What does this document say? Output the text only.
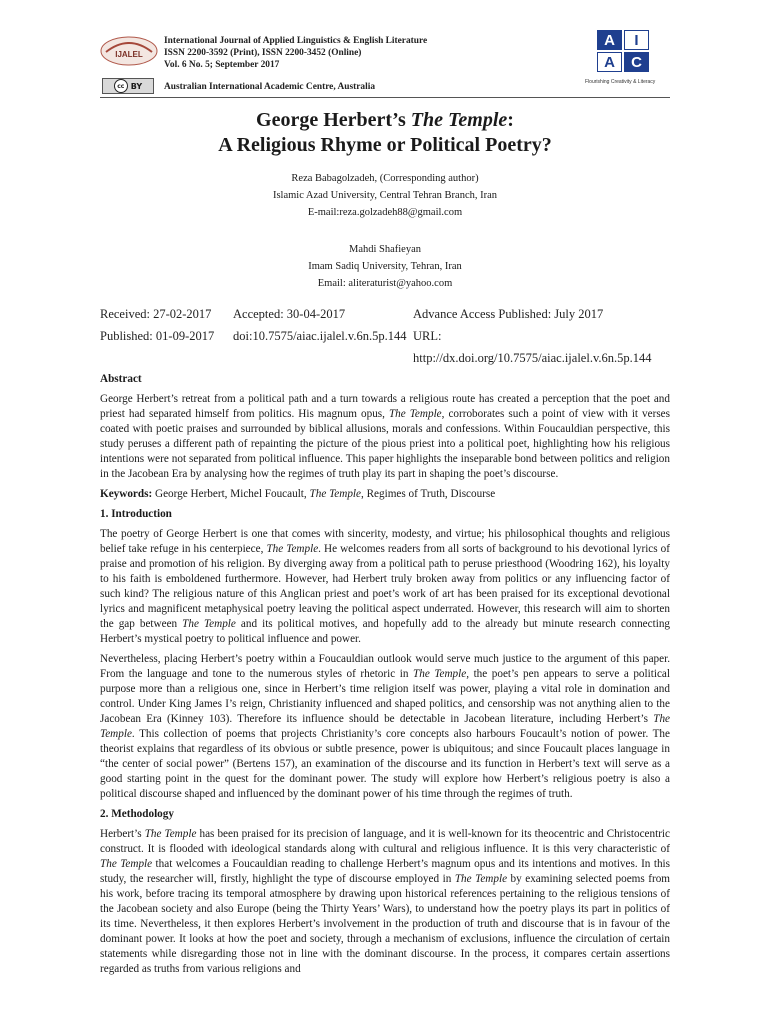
IJALEL
International Journal of Applied Linguistics & English Literature
ISSN 2200-3592 (Print), ISSN 2200-3452 (Online)
Vol. 6 No. 5; September 2017
cc BY Australian International Academic Centre, Australia
A	I
A	C
Flourishing Creativity & Literacy
George Herbert’s The Temple:
A Religious Rhyme or Political Poetry?
Reza Babagolzadeh, (Corresponding author)
Islamic Azad University, Central Tehran Branch, Iran
E-mail:reza.golzadeh88@gmail.com
Mahdi Shafieyan
Imam Sadiq University, Tehran, Iran
Email: aliteraturist@yahoo.com
Received: 27-02-2017	Accepted: 30-04-2017	Advance Access Published: July 2017
Published: 01-09-2017	doi:10.7575/aiac.ijalel.v.6n.5p.144 URL: http://dx.doi.org/10.7575/aiac.ijalel.v.6n.5p.144
Abstract

George Herbert’s retreat from a political path and a turn towards a religious route has created a perception that the poet and priest had separated himself from politics. His magnum opus, The Temple, corroborates such a point of view with it verses coated with poetic praises and surrounded by biblical allusions, morals and confessions. Within Foucauldian perspective, this study peruses a different path of repainting the picture of the pious priest into a political poet, highlighting how his religious intentions were not separated from political influence. This paper highlights the inseparable bond between politics and religion in the Jacobean Era by analysing how the regimes of truth play its part in shaping the poet’s discourse.

Keywords: George Herbert, Michel Foucault, The Temple, Regimes of Truth, Discourse

1. Introduction

The poetry of George Herbert is one that comes with sincerity, modesty, and virtue; his philosophical thoughts and religious belief take refuge in his centerpiece, The Temple. He welcomes readers from all sorts of background to his devotional lyrics of praise and promotion of his religion. By diverging away from a political path to peruse priesthood (Woodring 162), his loyalty to his faith is emboldened furthermore. However, had Herbert truly broken away from politics or any influencing factor of such kind? The religious nature of this Anglican priest and poet’s work of art has been praised for its exceptional devotional lyrics and magnificent metaphysical poetry leaving the political aspect underrated. However, this research will aim to shorten the gap between The Temple and its political motives, and hopefully add to the already but minute research connecting Herbert’s mystical poetry to political influence and power.

Nevertheless, placing Herbert’s poetry within a Foucauldian outlook would serve much justice to the argument of this paper. From the language and tone to the numerous styles of rhetoric in The Temple, the poet’s pen appears to serve a political purpose more than a religious one, since in Herbert’s time religion itself was power, playing a vital role in domination and control. Under King James I’s reign, Christianity influenced and shaped politics, and censorship was not anything alien to the Jacobean Era (Kinney 103). Therefore its influence should be detectable in Jacobean literature, including Herbert’s The Temple. This collection of poems that projects Christianity’s core concepts also harbours Foucault’s notion of power. The theorist explains that regardless of its obvious or subtle presence, power is ubiquitous; and since Foucault places language in “the center of social power” (Bertens 157), an examination of the discourse and its function in Herbert’s text will serve as a good starting point in the quest for the dominant power. The study will explore how Herbert’s religious poetry is also a political discourse shaped and influenced by the dominant power of his time through the regimes of truth.

2. Methodology

Herbert’s The Temple has been praised for its precision of language, and it is well-known for its theocentric and Christocentric construct. It is flooded with ideological standards along with cultural and religious influence. It is this very characteristic of The Temple that welcomes a Foucauldian reading to challenge Herbert’s magnum opus and its intentions and motives. In this study, the researcher will, firstly, highlight the type of discourse employed in The Temple by examining selected poems from his work, before tracing its temporal atmosphere by drawing upon historical references pertaining to the religious tensions of the Jacobean society and also Europe (being the Thirty Years’ Wars), to understand how the poetry plays its part in politics of its time. Nevertheless, it then explores Herbert’s involvement in the production of truth and discourse that is in favour of the dominant power. It looks at how the poet and society, through a mechanism of exclusions, influence the circulation of certain statements while disregarding those not in line with the dominant discourse. In the process, it compares certain assertions regarded as truths from various religions and
